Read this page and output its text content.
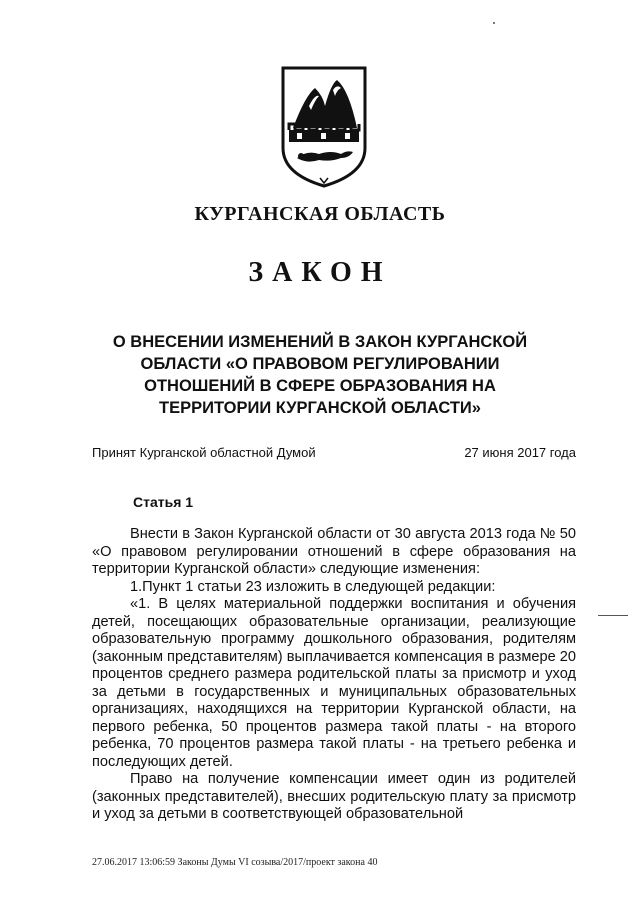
КУРГАНСКАЯ ОБЛАСТЬ
ЗАКОН
О ВНЕСЕНИИ ИЗМЕНЕНИЙ В ЗАКОН КУРГАНСКОЙ
ОБЛАСТИ «О ПРАВОВОМ РЕГУЛИРОВАНИИ
ОТНОШЕНИЙ В СФЕРЕ ОБРАЗОВАНИЯ НА
ТЕРРИТОРИИ КУРГАНСКОЙ ОБЛАСТИ»
Принят Курганской областной Думой	27 июня 2017 года
Статья 1

Внести в Закон Курганской области от 30 августа 2013 года № 50 «О правовом регулировании отношений в сфере образования на территории Курганской области» следующие изменения:

1.Пункт 1 статьи 23 изложить в следующей редакции:

«1. В целях материальной поддержки воспитания и обучения детей, посещающих образовательные организации, реализующие образовательную программу дошкольного образования, родителям (законным представителям) выплачивается компенсация в размере 20 процентов среднего размера родительской платы за присмотр и уход за детьми в государственных и муниципальных образовательных организациях, находящихся на территории Курганской области, на первого ребенка, 50 процентов размера такой платы - на второго ребенка, 70 процентов размера такой платы - на третьего ребенка и последующих детей.

Право на получение компенсации имеет один из родителей (законных представителей), внесших родительскую плату за присмотр и уход за детьми в соответствующей образовательной

27.06.2017 13:06:59 Законы Думы VI созыва/2017/проект закона 40
